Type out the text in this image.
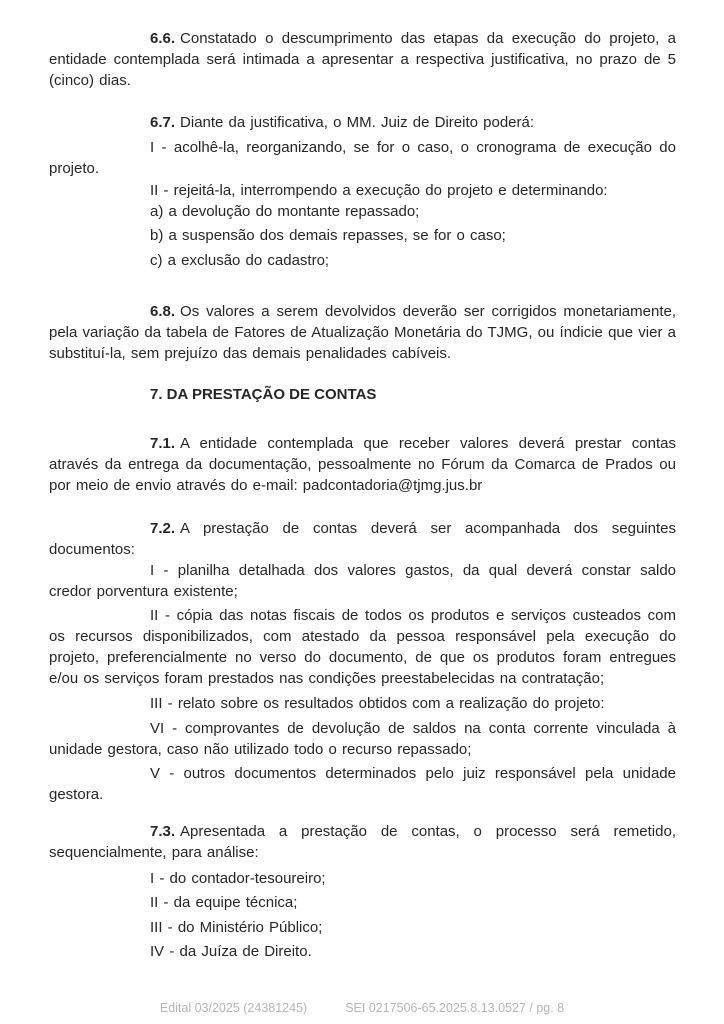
6.6. Constatado o descumprimento das etapas da execução do projeto, a entidade contemplada será intimada a apresentar a respectiva justificativa, no prazo de 5 (cinco) dias.

6.7. Diante da justificativa, o MM. Juiz de Direito poderá:

I - acolhê-la, reorganizando, se for o caso, o cronograma de execução do projeto.

II - rejeitá-la, interrompendo a execução do projeto e determinando:

a) a devolução do montante repassado;

b) a suspensão dos demais repasses, se for o caso;

c) a exclusão do cadastro;

6.8. Os valores a serem devolvidos deverão ser corrigidos monetariamente, pela variação da tabela de Fatores de Atualização Monetária do TJMG, ou índicie que vier a substituí-la, sem prejuízo das demais penalidades cabíveis.

7. DA PRESTAÇÃO DE CONTAS

7.1. A entidade contemplada que receber valores deverá prestar contas através da entrega da documentação, pessoalmente no Fórum da Comarca de Prados ou por meio de envio através do e-mail: padcontadoria@tjmg.jus.br

7.2. A prestação de contas deverá ser acompanhada dos seguintes documentos:

I - planilha detalhada dos valores gastos, da qual deverá constar saldo credor porventura existente;

II - cópia das notas fiscais de todos os produtos e serviços custeados com os recursos disponibilizados, com atestado da pessoa responsável pela execução do projeto, preferencialmente no verso do documento, de que os produtos foram entregues e/ou os serviços foram prestados nas condições preestabelecidas na contratação;

III - relato sobre os resultados obtidos com a realização do projeto:

VI - comprovantes de devolução de saldos na conta corrente vinculada à unidade gestora, caso não utilizado todo o recurso repassado;

V - outros documentos determinados pelo juiz responsável pela unidade gestora.

7.3. Apresentada a prestação de contas, o processo será remetido, sequencialmente, para análise:

I - do contador-tesoureiro;

II - da equipe técnica;

III - do Ministério Público;

IV - da Juíza de Direito.

Edital 03/2025 (24381245)	SEI 0217506-65.2025.8.13.0527 / pg. 8
